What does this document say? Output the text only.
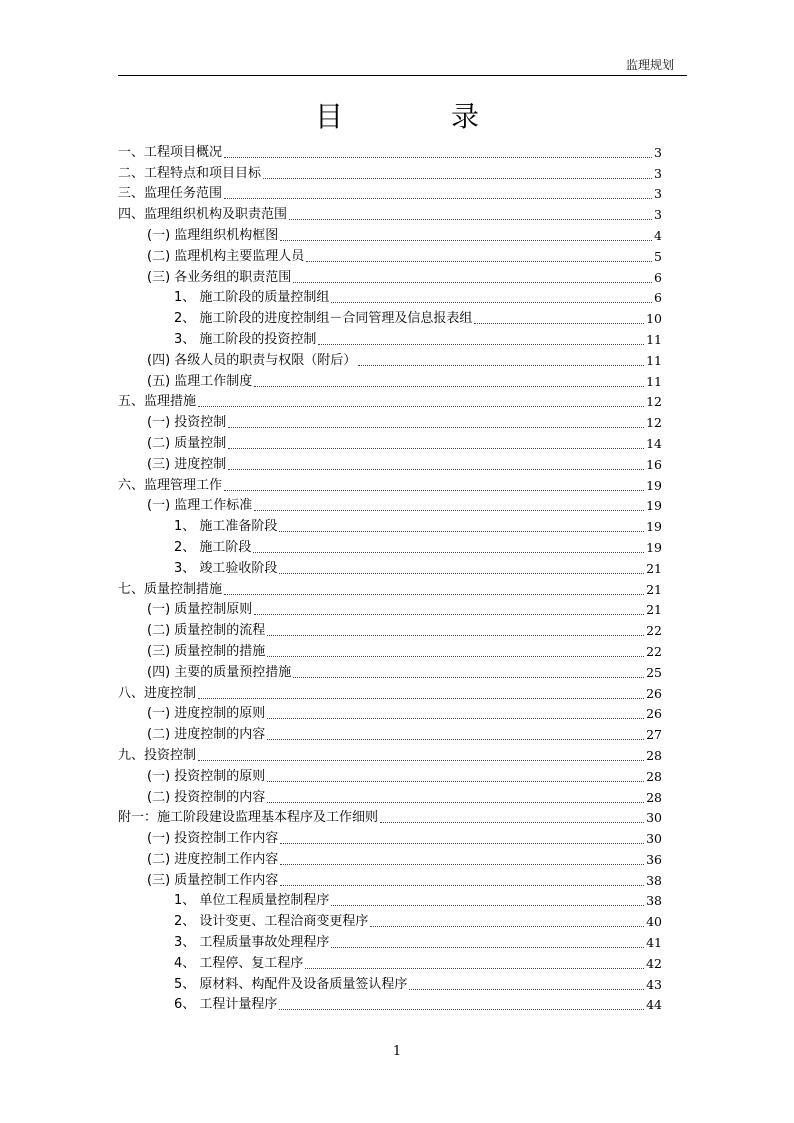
监理规划
目	录
一、工程项目概况	3
二、工程特点和项目目标	3
三、监理任务范围	3
四、监理组织机构及职责范围	3
(一) 监理组织机构框图	4
(二) 监理机构主要监理人员	5
(三) 各业务组的职责范围	6
1、 施工阶段的质量控制组	6
2、 施工阶段的进度控制组－合同管理及信息报表组	10
3、 施工阶段的投资控制	11
(四) 各级人员的职责与权限（附后）	11
(五) 监理工作制度	11
五、监理措施	12
(一) 投资控制	12
(二) 质量控制	14
(三) 进度控制	16
六、监理管理工作	19
(一) 监理工作标准	19
1、 施工准备阶段	19
2、 施工阶段	19
3、 竣工验收阶段	21
七、质量控制措施	21
(一) 质量控制原则	21
(二) 质量控制的流程	22
(三) 质量控制的措施	22
(四) 主要的质量预控措施	25
八、进度控制	26
(一) 进度控制的原则	26
(二) 进度控制的内容	27
九、投资控制	28
(一) 投资控制的原则	28
(二) 投资控制的内容	28
附一：施工阶段建设监理基本程序及工作细则	30
(一) 投资控制工作内容	30
(二) 进度控制工作内容	36
(三) 质量控制工作内容	38
1、 单位工程质量控制程序	38
2、 设计变更、工程洽商变更程序	40
3、 工程质量事故处理程序	41
4、 工程停、复工程序	42
5、 原材料、构配件及设备质量签认程序	43
6、 工程计量程序	44
1
